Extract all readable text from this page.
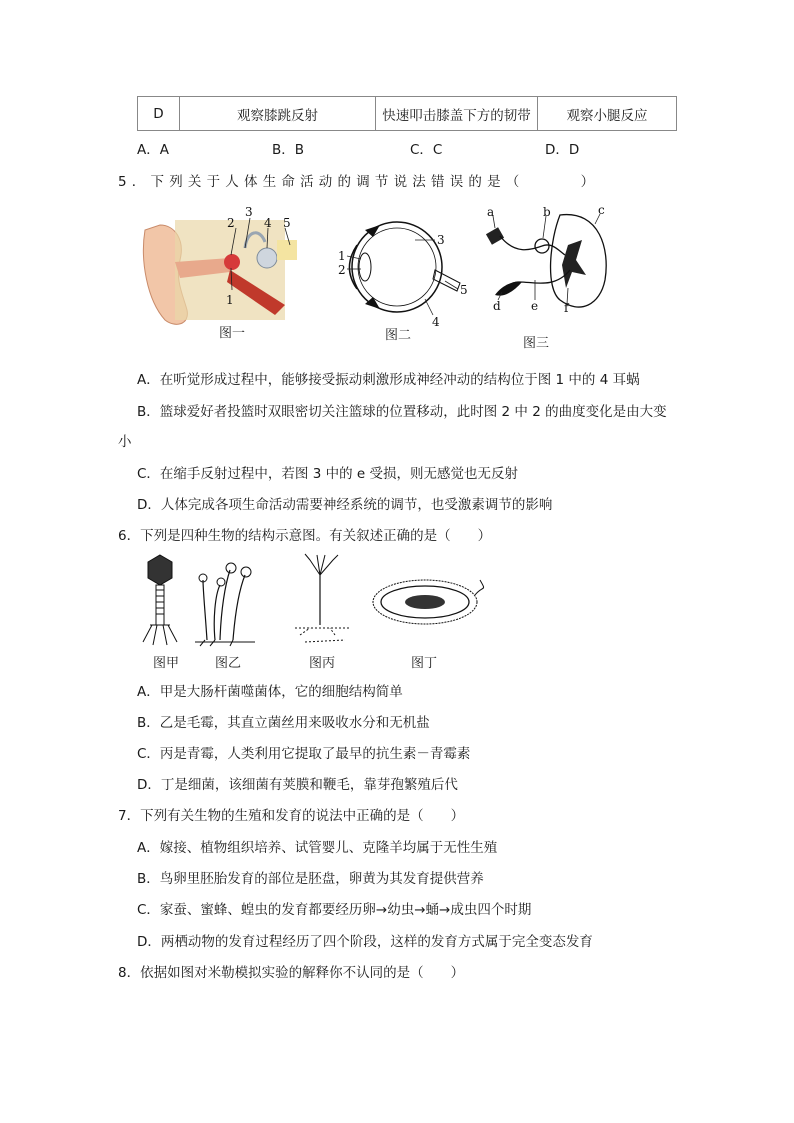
D	观察膝跳反射	快速叩击膝盖下方的韧带	观察小腿反应
A．A	B．B	C．C	D．D
5．下列关于人体生命活动的调节说法错误的是（　　　）
2
3
4 5
1
图一
1
2
3
5
4
图二
a	b	c
d	e f
图三
A．在听觉形成过程中，能够接受振动刺激形成神经冲动的结构位于图 1 中的 4 耳蜗
B．篮球爱好者投篮时双眼密切关注篮球的位置移动，此时图 2 中 2 的曲度变化是由大变
小
C．在缩手反射过程中，若图 3 中的 e 受损，则无感觉也无反射
D．人体完成各项生命活动需要神经系统的调节，也受激素调节的影响
6．下列是四种生物的结构示意图。有关叙述正确的是（　　）
图甲	图乙	图丙	图丁
A．甲是大肠杆菌噬菌体，它的细胞结构简单
B．乙是毛霉，其直立菌丝用来吸收水分和无机盐
C．丙是青霉，人类利用它提取了最早的抗生素－青霉素
D．丁是细菌，该细菌有荚膜和鞭毛，靠芽孢繁殖后代
7．下列有关生物的生殖和发育的说法中正确的是（　　）
A．嫁接、植物组织培养、试管婴儿、克隆羊均属于无性生殖
B．鸟卵里胚胎发育的部位是胚盘，卵黄为其发育提供营养
C．家蚕、蜜蜂、蝗虫的发育都要经历卵→幼虫→蛹→成虫四个时期
D．两栖动物的发育过程经历了四个阶段，这样的发育方式属于完全变态发育
8．依据如图对米勒模拟实验的解释你不认同的是（　　）
